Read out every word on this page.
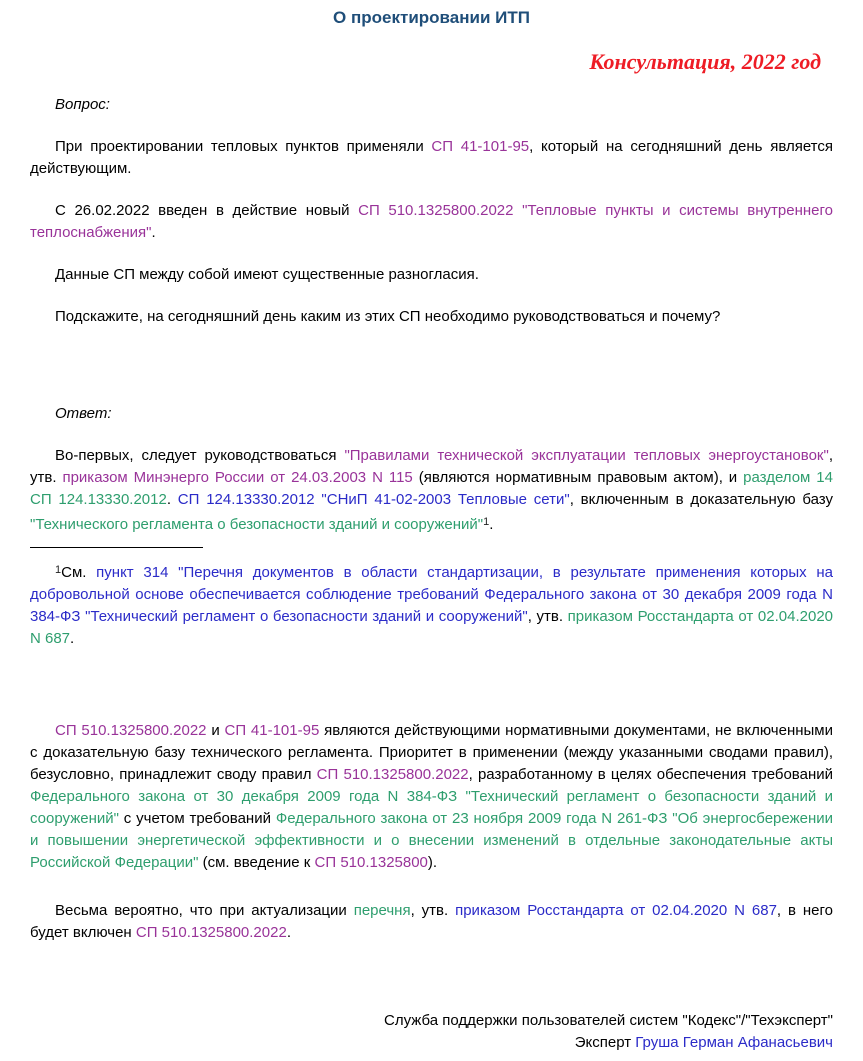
О проектировании ИТП
Консультация, 2022 год
Вопрос:
При проектировании тепловых пунктов применяли СП 41-101-95, который на сегодняшний день является действующим.
С 26.02.2022 введен в действие новый СП 510.1325800.2022 "Тепловые пункты и системы внутреннего теплоснабжения".
Данные СП между собой имеют существенные разногласия.
Подскажите, на сегодняшний день каким из этих СП необходимо руководствоваться и почему?
Ответ:
Во-первых, следует руководствоваться "Правилами технической эксплуатации тепловых энергоустановок", утв. приказом Минэнерго России от 24.03.2003 N 115 (являются нормативным правовым актом), и разделом 14 СП 124.13330.2012. СП 124.13330.2012 "СНиП 41-02-2003 Тепловые сети", включенным в доказательную базу "Технического регламента о безопасности зданий и сооружений"$^1$.
$^1$См. пункт 314 "Перечня документов в области стандартизации, в результате применения которых на добровольной основе обеспечивается соблюдение требований Федерального закона от 30 декабря 2009 года N 384-ФЗ "Технический регламент о безопасности зданий и сооружений", утв. приказом Росстандарта от 02.04.2020 N 687.
СП 510.1325800.2022 и СП 41-101-95 являются действующими нормативными документами, не включенными с доказательную базу технического регламента. Приоритет в применении (между указанными сводами правил), безусловно, принадлежит своду правил СП 510.1325800.2022, разработанному в целях обеспечения требований Федерального закона от 30 декабря 2009 года N 384-ФЗ "Технический регламент о безопасности зданий и сооружений" с учетом требований Федерального закона от 23 ноября 2009 года N 261-ФЗ "Об энергосбережении и повышении энергетической эффективности и о внесении изменений в отдельные законодательные акты Российской Федерации" (см. введение к СП 510.1325800).
Весьма вероятно, что при актуализации перечня, утв. приказом Росстандарта от 02.04.2020 N 687, в него будет включен СП 510.1325800.2022.
Служба поддержки пользователей систем "Кодекс"/"Техэксперт"
Эксперт Груша Герман Афанасьевич
